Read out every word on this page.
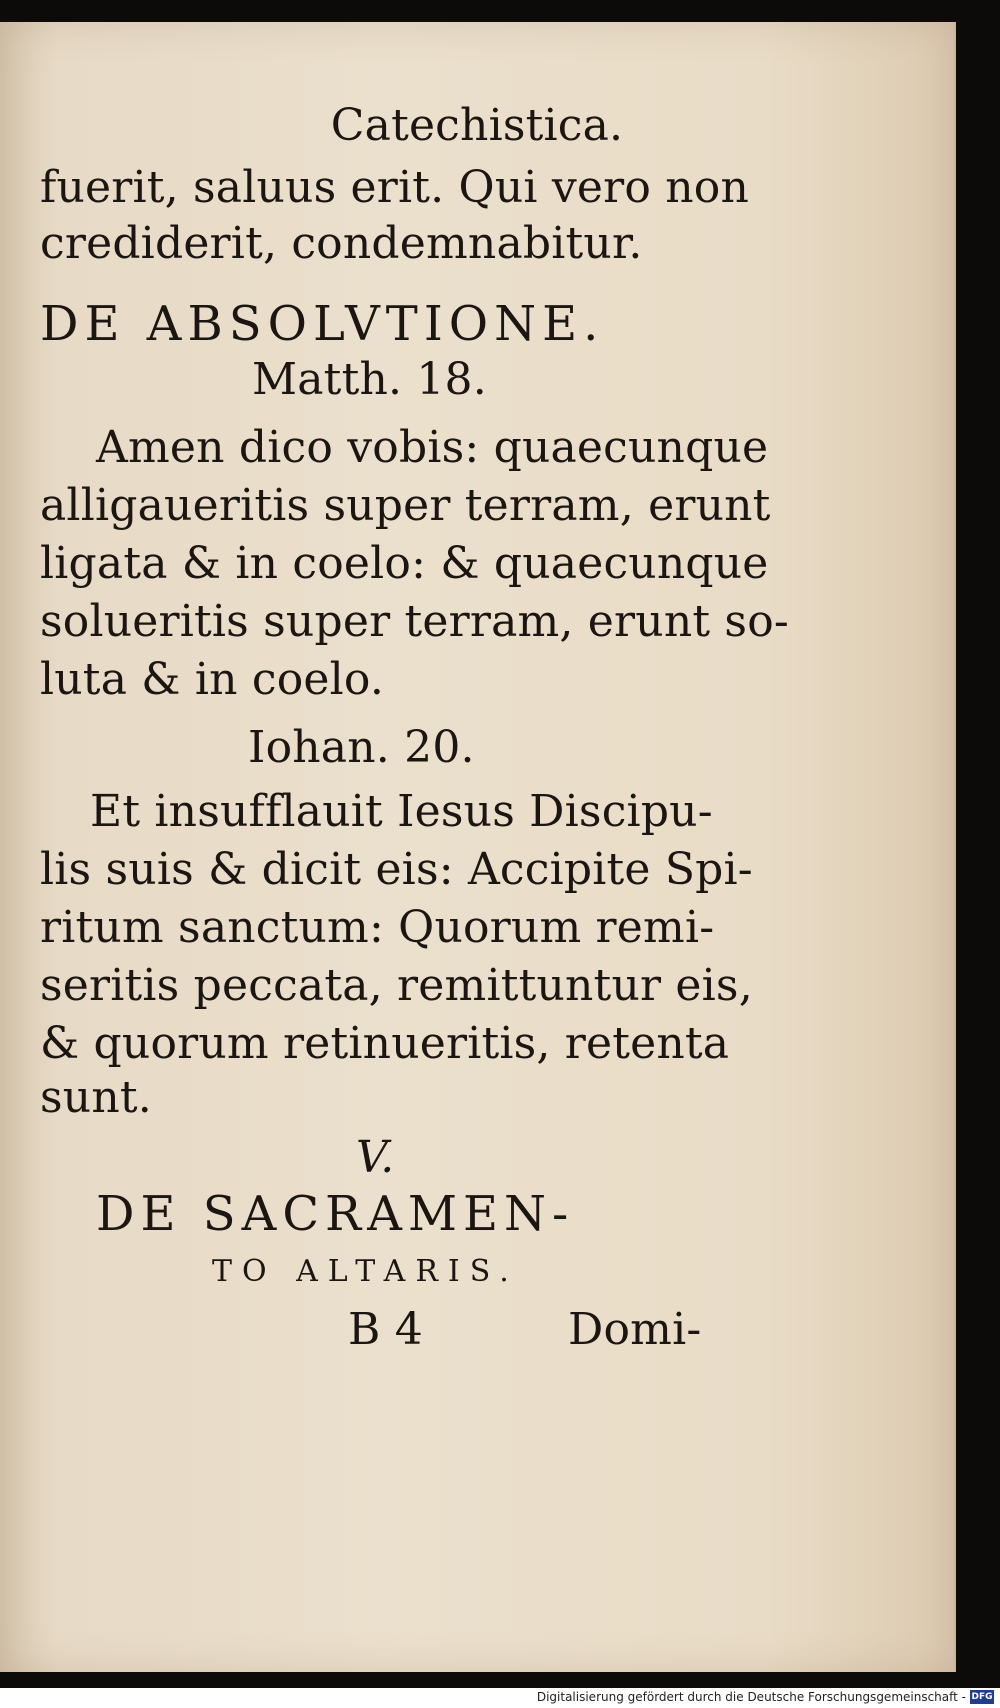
Catechistica.
fuerit, saluus erit. Qui vero non
crediderit, condemnabitur.
DE ABSOLVTIONE.
Matth. 18.
Amen dico vobis: quaecunque
alligaueritis super terram, erunt
ligata & in coelo: & quaecunque
solueritis super terram, erunt so-
luta & in coelo.
Iohan. 20.
Et insufflauit Iesus Discipu-
lis suis & dicit eis: Accipite Spi-
ritum sanctum: Quorum remi-
seritis peccata, remittuntur eis,
& quorum retinueritis, retenta
sunt.
V.
DE SACRAMEN-
TO ALTARIS.
B 4	Domi-
Digitalisierung gefördert durch die Deutsche Forschungsgemeinschaft - DFG
